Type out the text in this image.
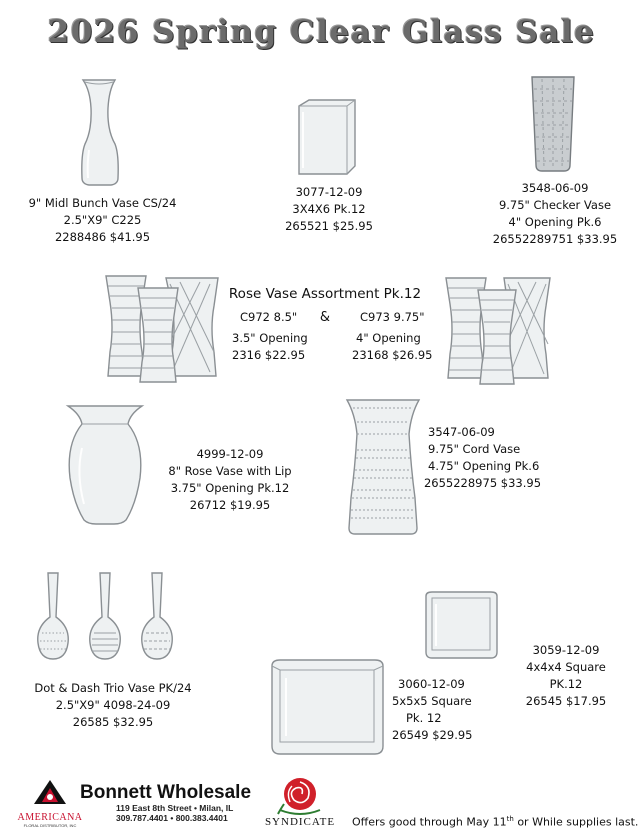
2026 Spring Clear Glass Sale
9" Midl Bunch Vase CS/24
2.5"X9" C225
2288486 $41.95
3077-12-09
3X4X6 Pk.12
265521 $25.95
3548-06-09
9.75" Checker Vase
4" Opening Pk.6
26552289751 $33.95
Rose Vase Assortment Pk.12
C972 8.5"
3.5" Opening
2316 $22.95
&	C973 9.75"
4" Opening
23168 $26.95
4999-12-09
8" Rose Vase with Lip
3.75" Opening Pk.12
26712 $19.95
3547-06-09
9.75" Cord Vase
4.75" Opening Pk.6
2655228975 $33.95
Dot & Dash Trio Vase PK/24
2.5"X9" 4098-24-09
26585 $32.95
3059-12-09
4x4x4 Square
PK.12
26545 $17.95
3060-12-09
5x5x5 Square
Pk. 12
26549 $29.95
AMERICANA
FLORAL DISTRIBUTOR, INC
Bonnett Wholesale
119 East 8th Street • Milan, IL
309.787.4401 • 800.383.4401	SYNDICATE	Offers good through May 11th or While supplies last.
